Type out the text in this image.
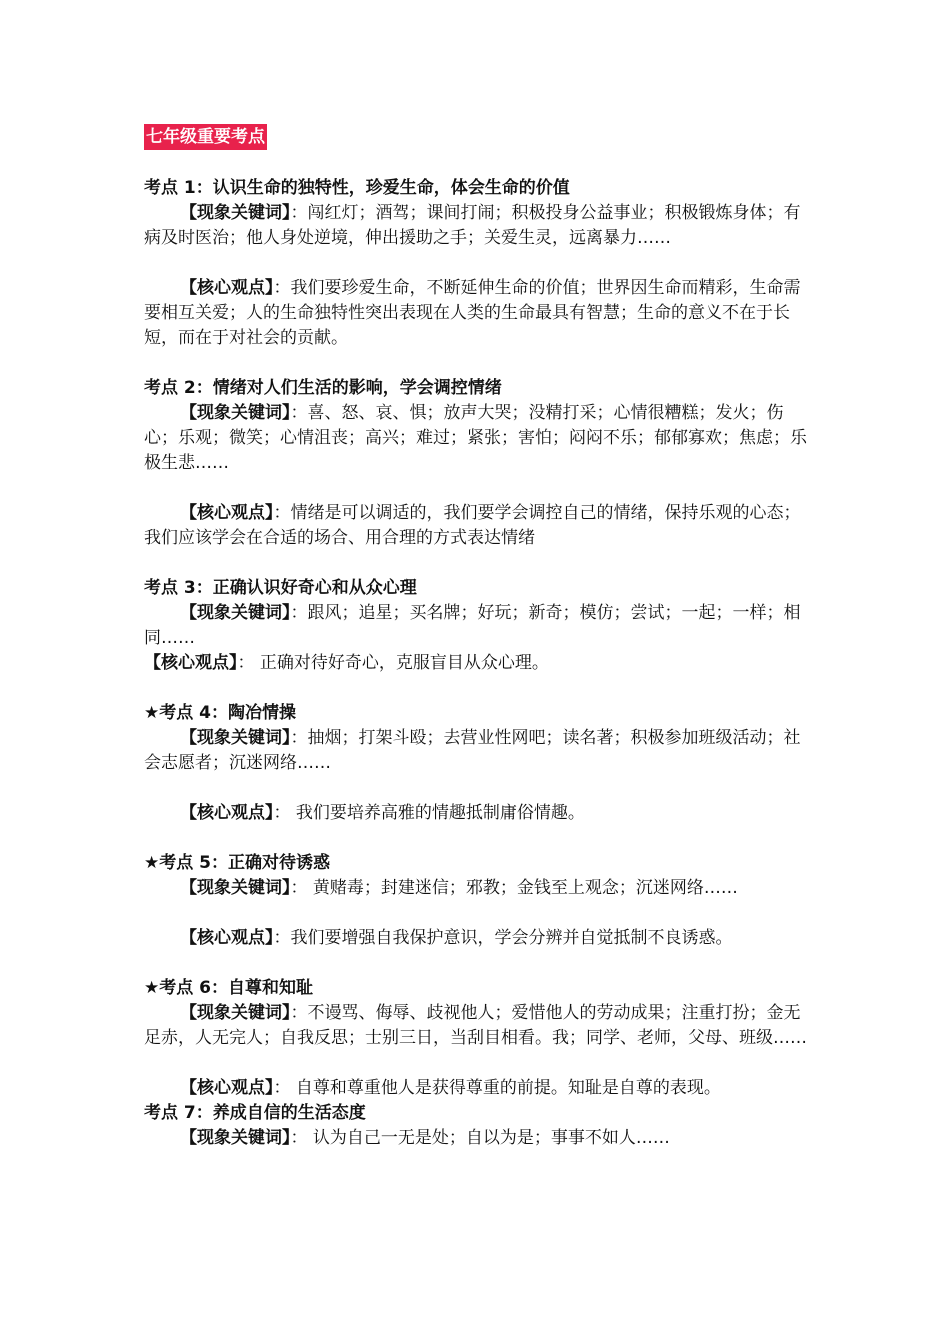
七年级重要考点

考点 1：认识生命的独特性，珍爱生命，体会生命的价值

【现象关键词】：闯红灯；酒驾；课间打闹；积极投身公益事业；积极锻炼身体；有病及时医治；他人身处逆境，伸出援助之手；关爱生灵，远离暴力……

【核心观点】：我们要珍爱生命，不断延伸生命的价值；世界因生命而精彩，生命需要相互关爱；人的生命独特性突出表现在人类的生命最具有智慧；生命的意义不在于长短，而在于对社会的贡献。

考点 2：情绪对人们生活的影响，学会调控情绪

【现象关键词】：喜、怒、哀、惧；放声大哭；没精打采；心情很糟糕；发火；伤心；乐观；微笑；心情沮丧；高兴；难过；紧张；害怕；闷闷不乐；郁郁寡欢；焦虑；乐极生悲……

【核心观点】：情绪是可以调适的，我们要学会调控自己的情绪，保持乐观的心态；我们应该学会在合适的场合、用合理的方式表达情绪

考点 3：正确认识好奇心和从众心理

【现象关键词】：跟风；追星；买名牌；好玩；新奇；模仿；尝试；一起；一样；相同……

【核心观点】： 正确对待好奇心，克服盲目从众心理。

★考点 4：陶冶情操

【现象关键词】：抽烟；打架斗殴；去营业性网吧；读名著；积极参加班级活动；社会志愿者；沉迷网络……

【核心观点】： 我们要培养高雅的情趣抵制庸俗情趣。

★考点 5：正确对待诱惑

【现象关键词】： 黄赌毒；封建迷信；邪教；金钱至上观念；沉迷网络……

【核心观点】：我们要增强自我保护意识，学会分辨并自觉抵制不良诱惑。

★考点 6：自尊和知耻

【现象关键词】：不谩骂、侮辱、歧视他人；爱惜他人的劳动成果；注重打扮；金无足赤，人无完人；自我反思；士别三日，当刮目相看。我；同学、老师，父母、班级……

【核心观点】： 自尊和尊重他人是获得尊重的前提。知耻是自尊的表现。

考点 7：养成自信的生活态度

【现象关键词】： 认为自己一无是处；自以为是；事事不如人……
